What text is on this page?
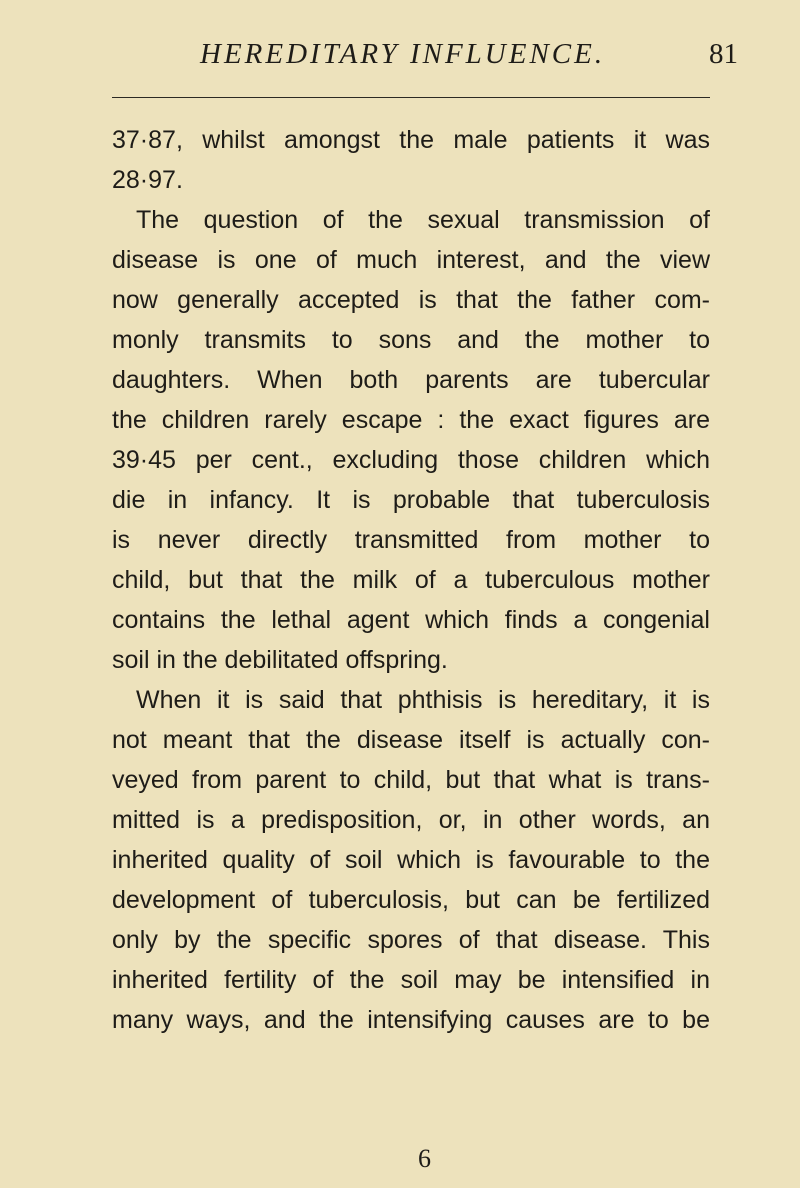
HEREDITARY INFLUENCE.	81
37·87, whilst amongst the male patients it was
28·97.
The question of the sexual transmission of
disease is one of much interest, and the view
now generally accepted is that the father com-
monly transmits to sons and the mother to
daughters. When both parents are tubercular
the children rarely escape : the exact figures are
39·45 per cent., excluding those children which
die in infancy. It is probable that tuberculosis
is never directly transmitted from mother to
child, but that the milk of a tuberculous mother
contains the lethal agent which finds a congenial
soil in the debilitated offspring.
When it is said that phthisis is hereditary, it is
not meant that the disease itself is actually con-
veyed from parent to child, but that what is trans-
mitted is a predisposition, or, in other words, an
inherited quality of soil which is favourable to the
development of tuberculosis, but can be fertilized
only by the specific spores of that disease. This
inherited fertility of the soil may be intensified in
many ways, and the intensifying causes are to be
6
